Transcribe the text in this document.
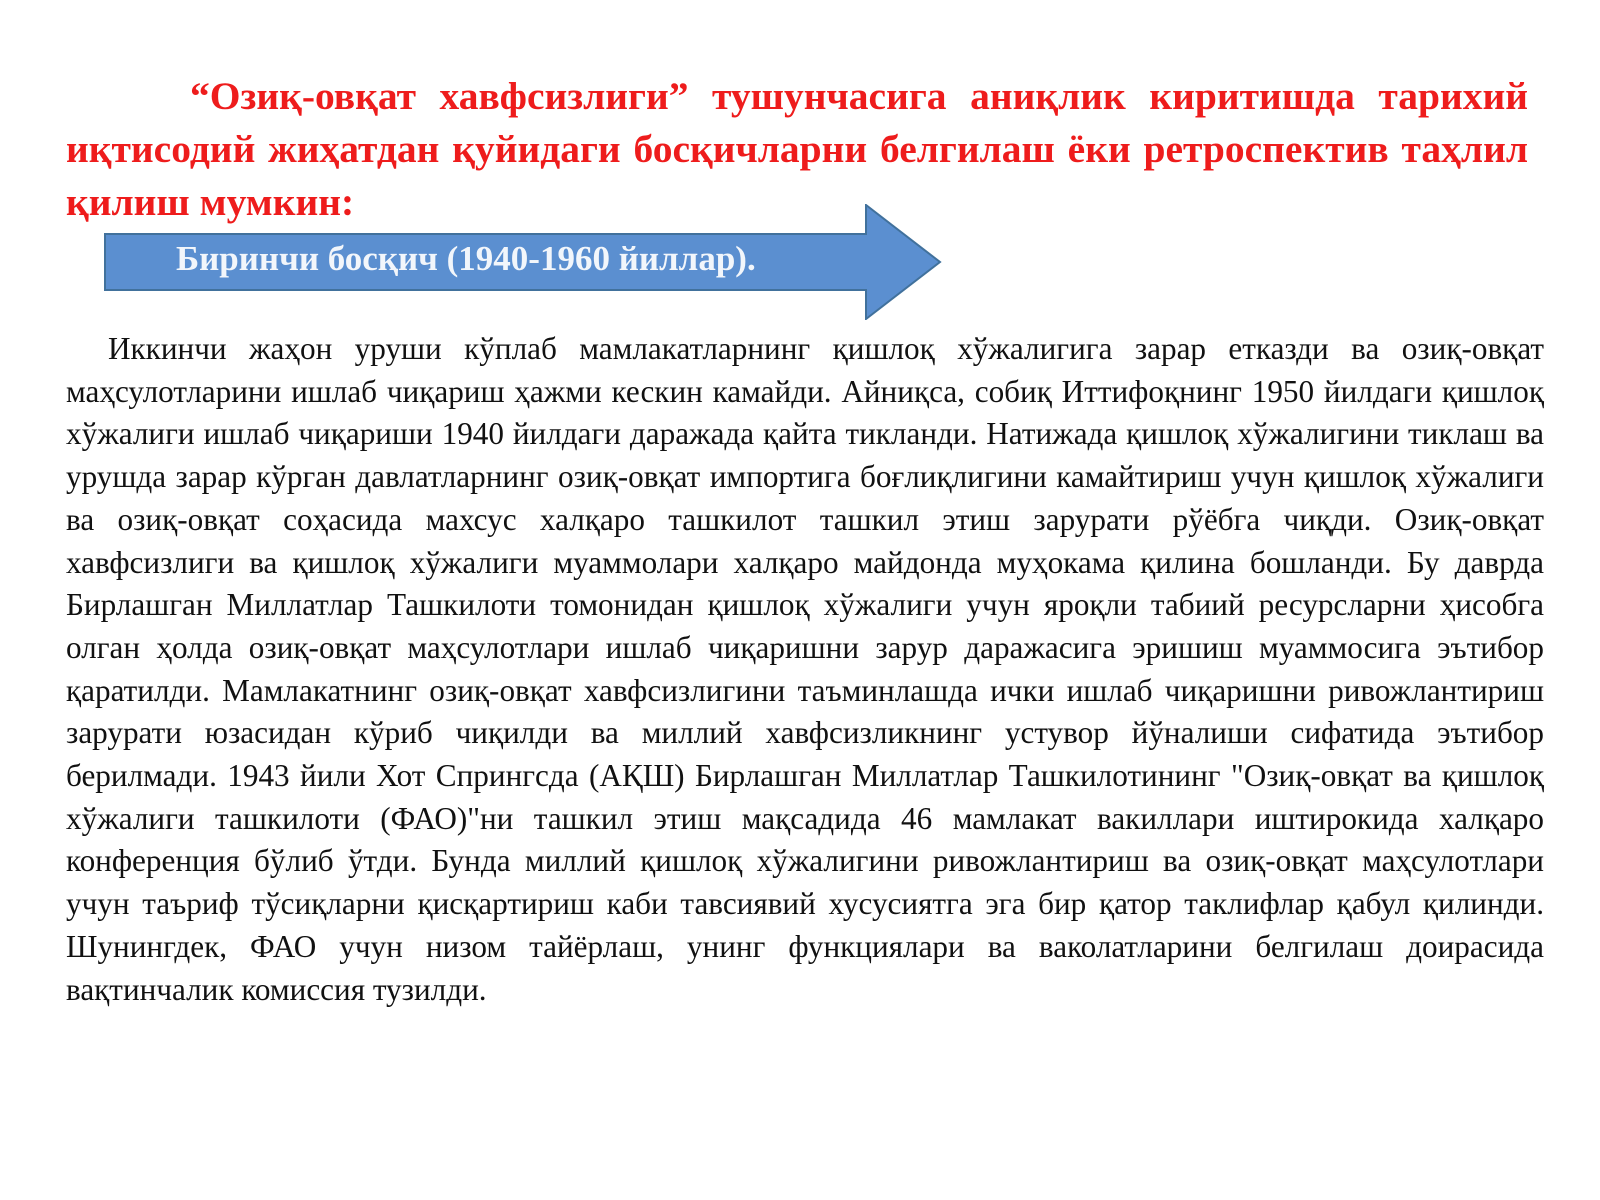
“Озиқ-овқат хавфсизлиги” тушунчасига аниқлик киритишда тарихий иқтисодий жиҳатдан қуйидаги босқичларни белгилаш ёки ретроспектив таҳлил қилиш мумкин:

Биринчи босқич (1940-1960 йиллар).

Иккинчи жаҳон уруши кўплаб мамлакатларнинг қишлоқ хўжалигига зарар етказди ва озиқ-овқат маҳсулотларини ишлаб чиқариш ҳажми кескин камайди. Айниқса, собиқ Иттифоқнинг 1950 йилдаги қишлоқ хўжалиги ишлаб чиқариши 1940 йилдаги даражада қайта тикланди. Натижада қишлоқ хўжалигини тиклаш ва урушда зарар кўрган давлатларнинг озиқ-овқат импортига боғлиқлигини камайтириш учун қишлоқ хўжалиги ва озиқ-овқат соҳасида махсус халқаро ташкилот ташкил этиш зарурати рўёбга чиқди. Озиқ-овқат хавфсизлиги ва қишлоқ хўжалиги муаммолари халқаро майдонда муҳокама қилина бошланди. Бу даврда Бирлашган Миллатлар Ташкилоти томонидан қишлоқ хўжалиги учун яроқли табиий ресурсларни ҳисобга олган ҳолда озиқ-овқат маҳсулотлари ишлаб чиқаришни зарур даражасига эришиш муаммосига эътибор қаратилди. Мамлакатнинг озиқ-овқат хавфсизлигини таъминлашда ички ишлаб чиқаришни ривожлантириш зарурати юзасидан кўриб чиқилди ва миллий хавфсизликнинг устувор йўналиши сифатида эътибор берилмади. 1943 йили Хот Спрингсда (АҚШ) Бирлашган Миллатлар Ташкилотининг "Озиқ-овқат ва қишлоқ хўжалиги ташкилоти (ФАО)"ни ташкил этиш мақсадида 46 мамлакат вакиллари иштирокида халқаро конференция бўлиб ўтди. Бунда миллий қишлоқ хўжалигини ривожлантириш ва озиқ-овқат маҳсулотлари учун таъриф тўсиқларни қисқартириш каби тавсиявий хусусиятга эга бир қатор таклифлар қабул қилинди. Шунингдек, ФАО учун низом тайёрлаш, унинг функциялари ва ваколатларини белгилаш доирасида вақтинчалик комиссия тузилди.
